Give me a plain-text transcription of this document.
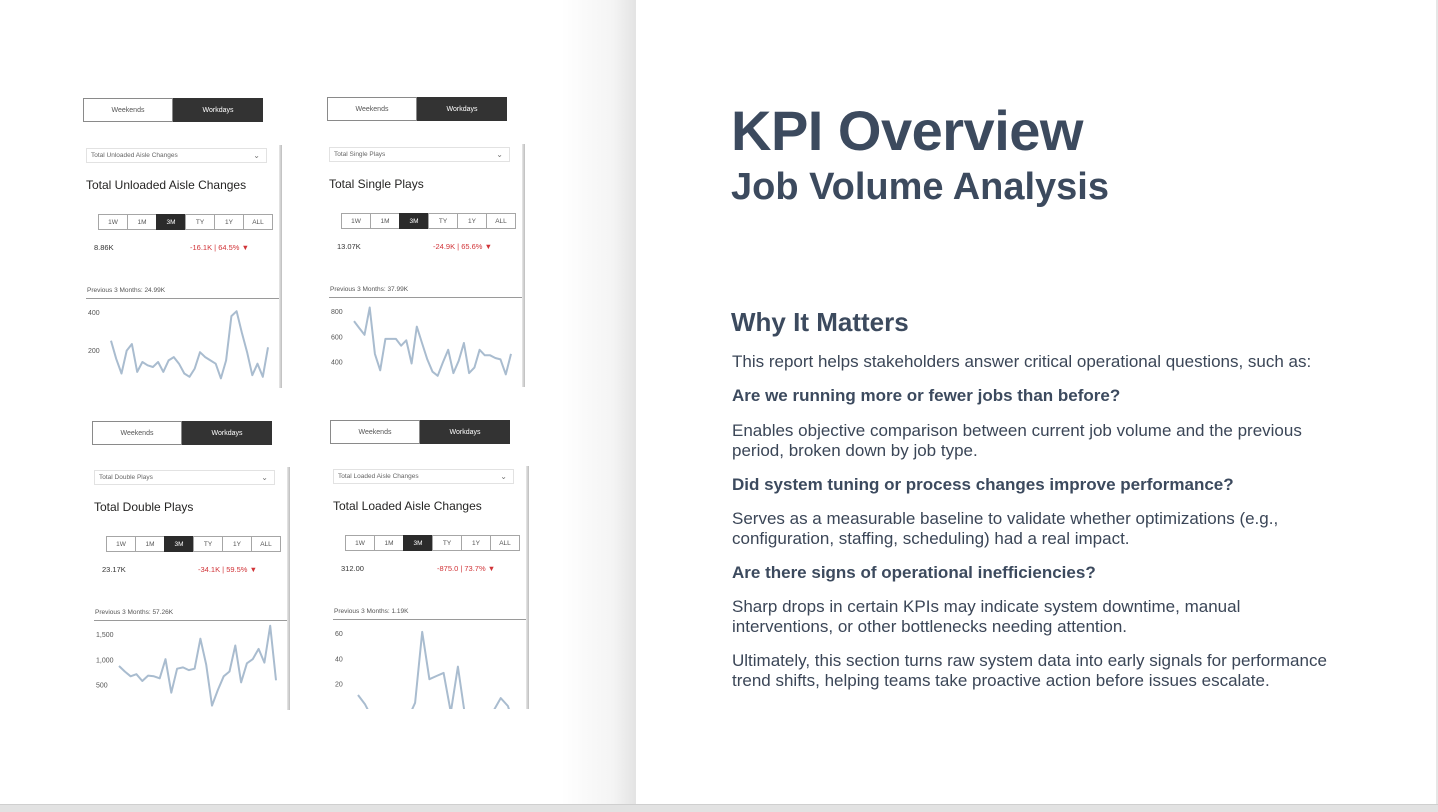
Weekends	Workdays
Total Unloaded Aisle Changes	⌄
Total Unloaded Aisle Changes
1W	1M	3M	TY	1Y	ALL
8.86K	-16.1K | 64.5% ▼
Previous 3 Months: 24.99K
400
200
Weekends	Workdays
Total Single Plays	⌄
Total Single Plays
1W	1M	3M	TY	1Y	ALL
13.07K	-24.9K | 65.6% ▼
Previous 3 Months: 37.99K
800
600
400
Weekends	Workdays
Total Double Plays	⌄
Total Double Plays
1W	1M	3M	TY	1Y	ALL
23.17K	-34.1K | 59.5% ▼
Previous 3 Months: 57.26K
1,500
1,000
500
Weekends	Workdays
Total Loaded Aisle Changes	⌄
Total Loaded Aisle Changes
1W	1M	3M	TY	1Y	ALL
312.00	-875.0 | 73.7% ▼
Previous 3 Months: 1.19K
60
40
20
KPI Overview
Job Volume Analysis
Why It Matters
This report helps stakeholders answer critical operational questions, such as:
Are we running more or fewer jobs than before?
Enables objective comparison between current job volume and the previous period, broken down by job type.
Did system tuning or process changes improve performance?
Serves as a measurable baseline to validate whether optimizations (e.g., configuration, staffing, scheduling) had a real impact.
Are there signs of operational inefficiencies?
Sharp drops in certain KPIs may indicate system downtime, manual interventions, or other bottlenecks needing attention.
Ultimately, this section turns raw system data into early signals for performance trend shifts, helping teams take proactive action before issues escalate.
